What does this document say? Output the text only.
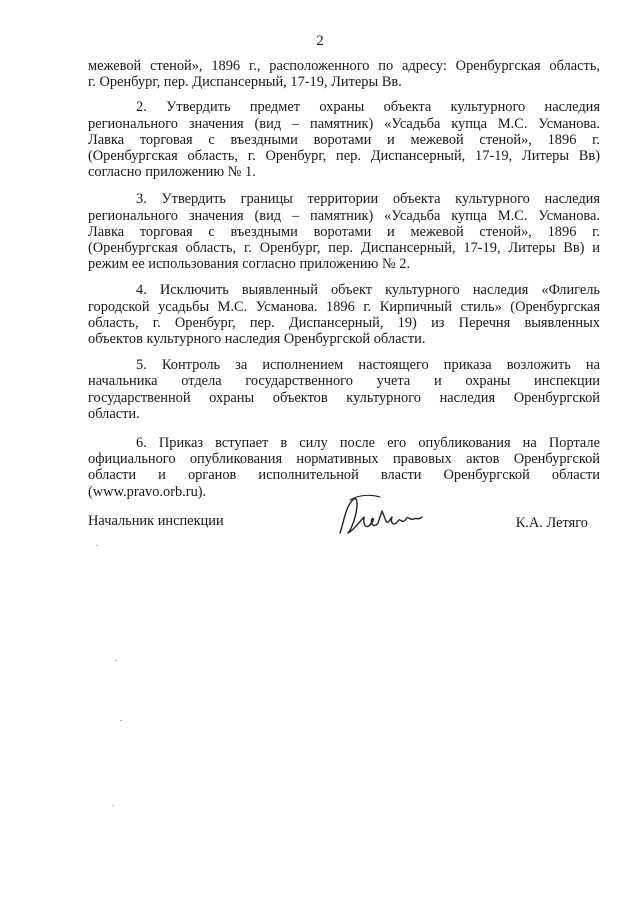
2
межевой стеной», 1896 г., расположенного по адресу: Оренбургская область,
г. Оренбург, пер. Диспансерный, 17-19, Литеры Вв.
2. Утвердить предмет охраны объекта культурного наследия
регионального значения (вид – памятник) «Усадьба купца М.С. Усманова.
Лавка торговая с въездными воротами и межевой стеной», 1896 г.
(Оренбургская область, г. Оренбург, пер. Диспансерный, 17-19, Литеры Вв)
согласно приложению № 1.
3. Утвердить границы территории объекта культурного наследия
регионального значения (вид – памятник) «Усадьба купца М.С. Усманова.
Лавка торговая с въездными воротами и межевой стеной», 1896 г.
(Оренбургская область, г. Оренбург, пер. Диспансерный, 17-19, Литеры Вв) и
режим ее использования согласно приложению № 2.
4. Исключить выявленный объект культурного наследия «Флигель
городской усадьбы М.С. Усманова. 1896 г. Кирпичный стиль» (Оренбургская
область, г. Оренбург, пер. Диспансерный, 19) из Перечня выявленных
объектов культурного наследия Оренбургской области.
5. Контроль за исполнением настоящего приказа возложить на
начальника отдела государственного учета и охраны инспекции
государственной охраны объектов культурного наследия Оренбургской
области.
6. Приказ вступает в силу после его опубликования на Портале
официального опубликования нормативных правовых актов Оренбургской
области и органов исполнительной власти Оренбургской области
(www.pravo.orb.ru).
Начальник инспекции	К.А. Летяго
